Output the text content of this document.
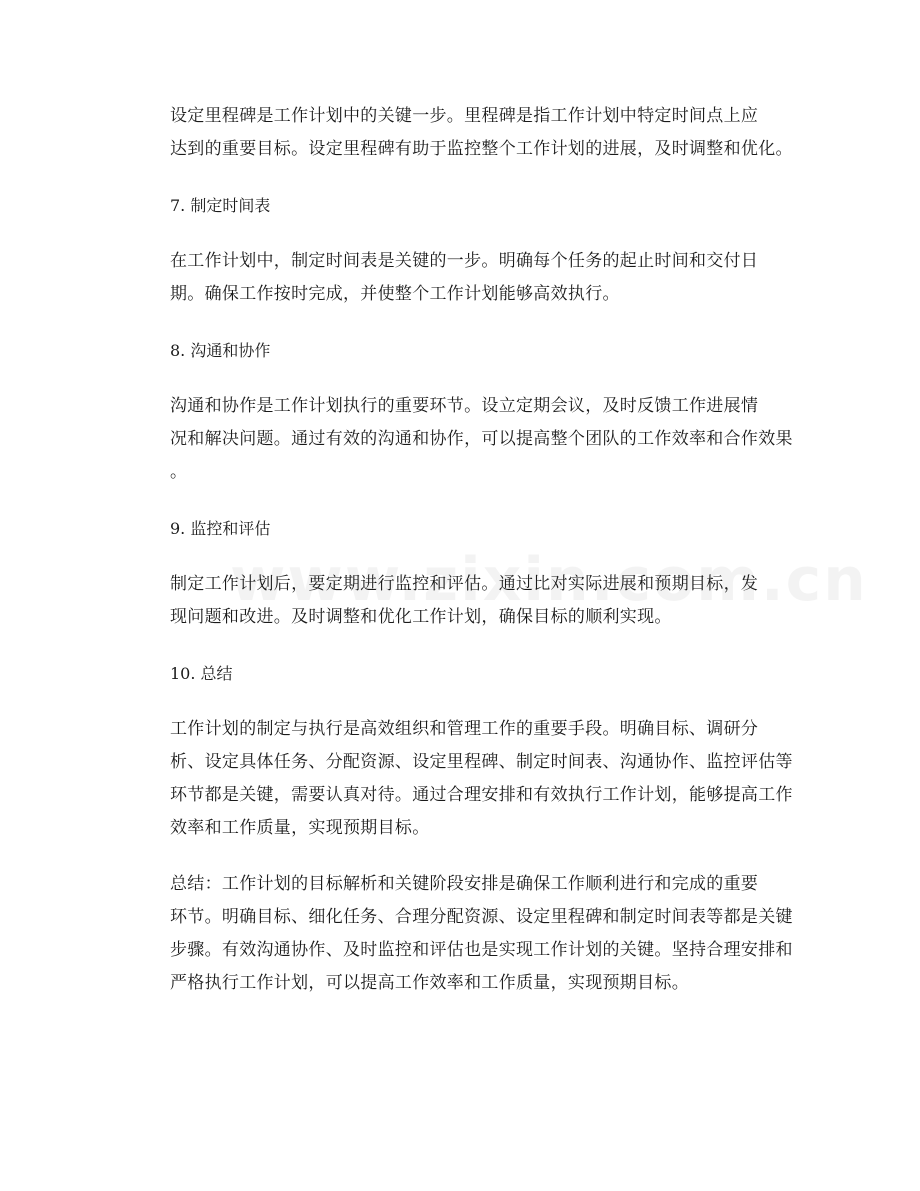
设定里程碑是工作计划中的关键一步。里程碑是指工作计划中特定时间点上应
达到的重要目标。设定里程碑有助于监控整个工作计划的进展，及时调整和优化。
7. 制定时间表
在工作计划中，制定时间表是关键的一步。明确每个任务的起止时间和交付日
期。确保工作按时完成，并使整个工作计划能够高效执行。
8. 沟通和协作
沟通和协作是工作计划执行的重要环节。设立定期会议，及时反馈工作进展情
况和解决问题。通过有效的沟通和协作，可以提高整个团队的工作效率和合作效果
。
9. 监控和评估
制定工作计划后，要定期进行监控和评估。通过比对实际进展和预期目标，发
现问题和改进。及时调整和优化工作计划，确保目标的顺利实现。
10. 总结
工作计划的制定与执行是高效组织和管理工作的重要手段。明确目标、调研分
析、设定具体任务、分配资源、设定里程碑、制定时间表、沟通协作、监控评估等
环节都是关键，需要认真对待。通过合理安排和有效执行工作计划，能够提高工作
效率和工作质量，实现预期目标。
总结：工作计划的目标解析和关键阶段安排是确保工作顺利进行和完成的重要
环节。明确目标、细化任务、合理分配资源、设定里程碑和制定时间表等都是关键
步骤。有效沟通协作、及时监控和评估也是实现工作计划的关键。坚持合理安排和
严格执行工作计划，可以提高工作效率和工作质量，实现预期目标。
